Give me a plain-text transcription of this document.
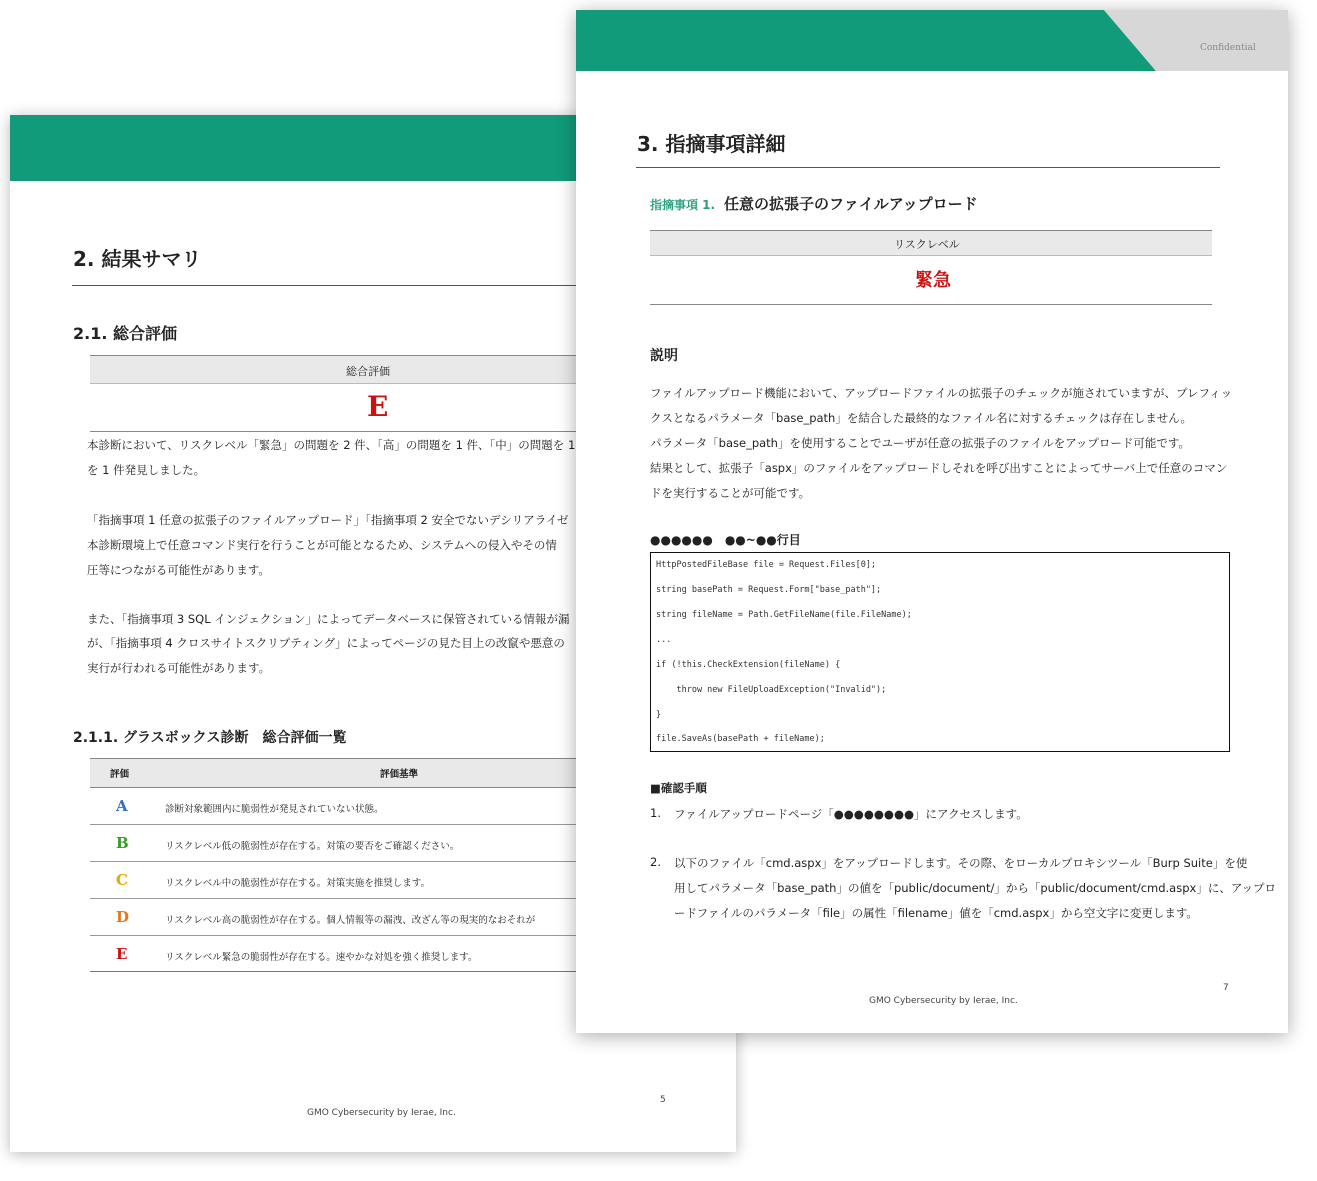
2. 結果サマリ
2.1. 総合評価
総合評価
E
本診断において、リスクレベル「緊急」の問題を 2 件、「高」の問題を 1 件、「中」の問題を 1
を 1 件発見しました。
「指摘事項 1 任意の拡張子のファイルアップロード」「指摘事項 2 安全でないデシリアライゼ
本診断環境上で任意コマンド実行を行うことが可能となるため、システムへの侵入やその情
圧等につながる可能性があります。
また、「指摘事項 3 SQL インジェクション」によってデータベースに保管されている情報が漏
が、「指摘事項 4 クロスサイトスクリプティング」によってページの見た目上の改竄や悪意の
実行が行われる可能性があります。
2.1.1. グラスボックス診断　総合評価一覧
評価	評価基準
A	診断対象範囲内に脆弱性が発見されていない状態。
B	リスクレベル低の脆弱性が存在する。対策の要否をご確認ください。
C	リスクレベル中の脆弱性が存在する。対策実施を推奨します。
D	リスクレベル高の脆弱性が存在する。個人情報等の漏洩、改ざん等の現実的なおそれが
E	リスクレベル緊急の脆弱性が存在する。速やかな対処を強く推奨します。
5
GMO Cybersecurity by Ierae, Inc.
Confidential
3. 指摘事項詳細
指摘事項 1. 任意の拡張子のファイルアップロード
リスクレベル
緊急
説明
ファイルアップロード機能において、アップロードファイルの拡張子のチェックが施されていますが、プレフィッ
クスとなるパラメータ「base_path」を結合した最終的なファイル名に対するチェックは存在しません。
パラメータ「base_path」を使用することでユーザが任意の拡張子のファイルをアップロード可能です。
結果として、拡張子「aspx」のファイルをアップロードしそれを呼び出すことによってサーバ上で任意のコマン
ドを実行することが可能です。
●●●●●●　●●~●●行目
HttpPostedFileBase file = Request.Files[0];
string basePath = Request.Form["base_path"];
string fileName = Path.GetFileName(file.FileName);
...
if (!this.CheckExtension(fileName) {
throw new FileUploadException("Invalid");
}
file.SaveAs(basePath + fileName);
■確認手順
1. ファイルアップロードページ「●●●●●●●●」にアクセスします。
2. 以下のファイル「cmd.aspx」をアップロードします。その際、をローカルプロキシツール「Burp Suite」を使
用してパラメータ「base_path」の値を「public/document/」から「public/document/cmd.aspx」に、アップロ
ードファイルのパラメータ「file」の属性「filename」値を「cmd.aspx」から空文字に変更します。
7
GMO Cybersecurity by Ierae, Inc.
